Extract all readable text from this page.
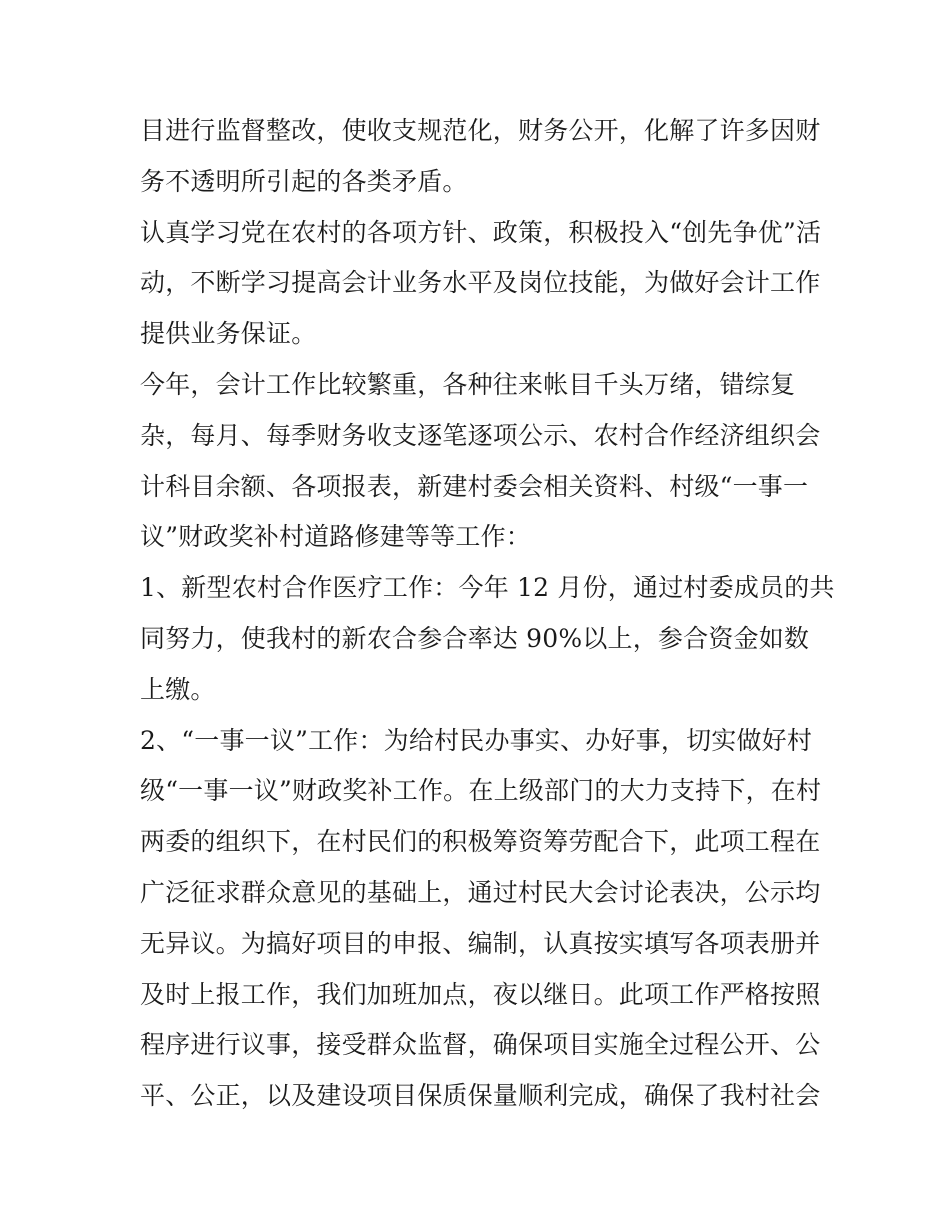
目进行监督整改，使收支规范化，财务公开，化解了许多因财
务不透明所引起的各类矛盾。
认真学习党在农村的各项方针、政策，积极投入“创先争优”活
动，不断学习提高会计业务水平及岗位技能，为做好会计工作
提供业务保证。
今年，会计工作比较繁重，各种往来帐目千头万绪，错综复
杂，每月、每季财务收支逐笔逐项公示、农村合作经济组织会
计科目余额、各项报表，新建村委会相关资料、村级“一事一
议”财政奖补村道路修建等等工作：
1、新型农村合作医疗工作：今年 12 月份，通过村委成员的共
同努力，使我村的新农合参合率达 90%以上，参合资金如数
上缴。
2、“一事一议”工作：为给村民办事实、办好事，切实做好村
级“一事一议”财政奖补工作。在上级部门的大力支持下，在村
两委的组织下，在村民们的积极筹资筹劳配合下，此项工程在
广泛征求群众意见的基础上，通过村民大会讨论表决，公示均
无异议。为搞好项目的申报、编制，认真按实填写各项表册并
及时上报工作，我们加班加点，夜以继日。此项工作严格按照
程序进行议事，接受群众监督，确保项目实施全过程公开、公
平、公正，以及建设项目保质保量顺利完成，确保了我村社会
